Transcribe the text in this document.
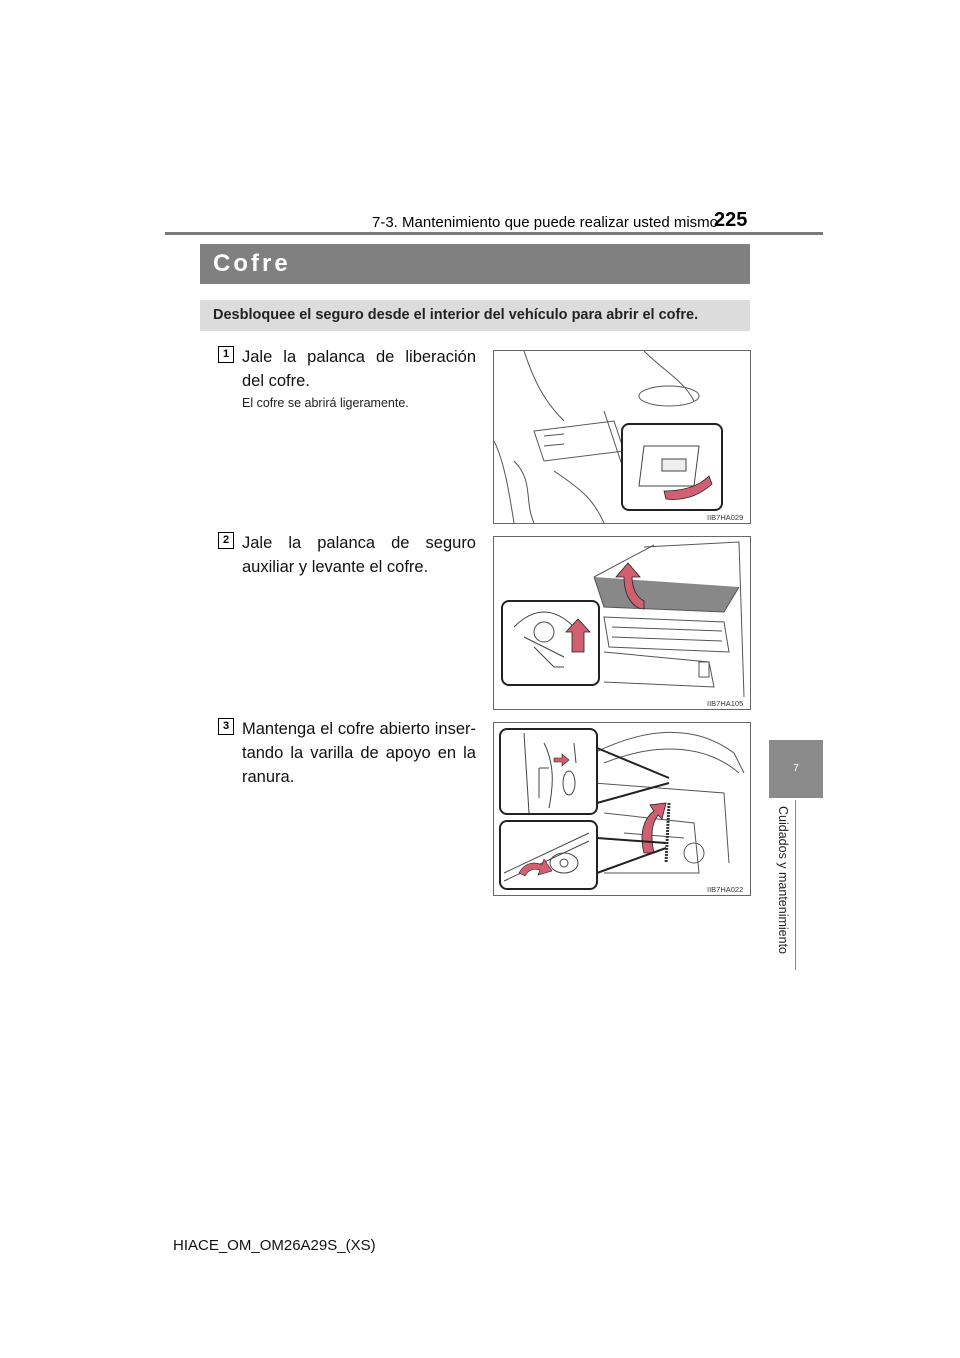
7-3. Mantenimiento que puede realizar usted mismo
225
Cofre
Desbloquee el seguro desde el interior del vehículo para abrir el cofre.
1 Jale la palanca de liberación del cofre.
El cofre se abrirá ligeramente.
IIB7HA029
2 Jale la palanca de seguro auxiliar y levante el cofre.
IIB7HA105
3 Mantenga el cofre abierto inser-tando la varilla de apoyo en la ranura.
IIB7HA022
7
Cuidados y mantenimiento
HIACE_OM_OM26A29S_(XS)
